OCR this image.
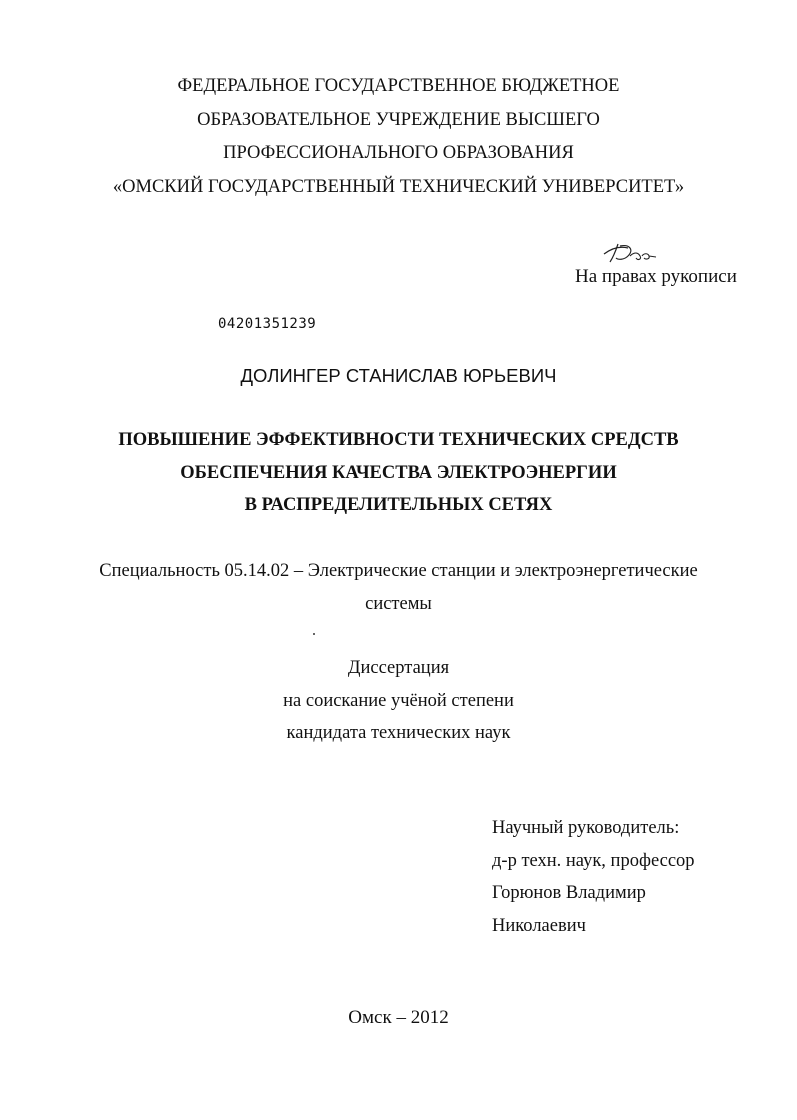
ФЕДЕРАЛЬНОЕ ГОСУДАРСТВЕННОЕ БЮДЖЕТНОЕ
ОБРАЗОВАТЕЛЬНОЕ УЧРЕЖДЕНИЕ ВЫСШЕГО
ПРОФЕССИОНАЛЬНОГО ОБРАЗОВАНИЯ
«ОМСКИЙ ГОСУДАРСТВЕННЫЙ ТЕХНИЧЕСКИЙ УНИВЕРСИТЕТ»
На правах рукописи
04201351239
ДОЛИНГЕР СТАНИСЛАВ ЮРЬЕВИЧ
ПОВЫШЕНИЕ ЭФФЕКТИВНОСТИ ТЕХНИЧЕСКИХ СРЕДСТВ
ОБЕСПЕЧЕНИЯ КАЧЕСТВА ЭЛЕКТРОЭНЕРГИИ
В РАСПРЕДЕЛИТЕЛЬНЫХ СЕТЯХ
Специальность 05.14.02 – Электрические станции и электроэнергетические
системы
Диссертация
на соискание учёной степени
кандидата технических наук
Научный руководитель:
д-р техн. наук, профессор
Горюнов Владимир
Николаевич
Омск – 2012
